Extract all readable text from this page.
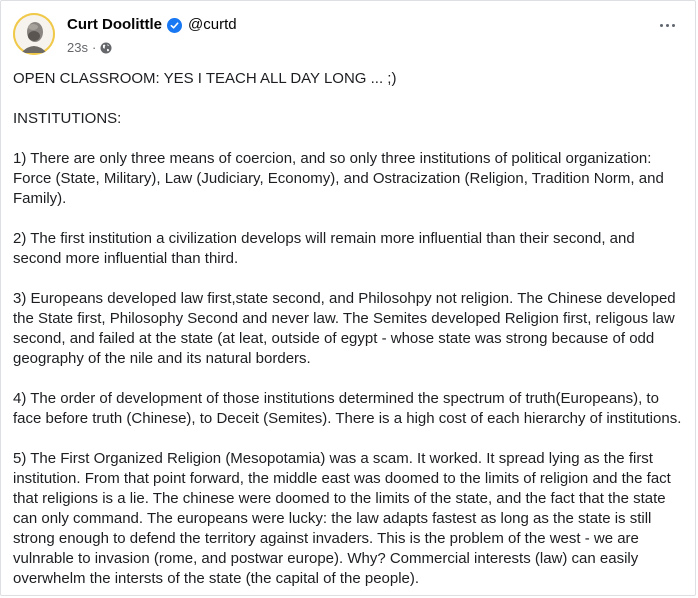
Curt Doolittle @curtd
23s ·

OPEN CLASSROOM: YES I TEACH ALL DAY LONG ... ;)

INSTITUTIONS:

1) There are only three means of coercion, and so only three institutions of political organization: Force (State, Military), Law (Judiciary, Economy), and Ostracization (Religion, Tradition Norm, and Family).

2) The first institution a civilization develops will remain more influential than their second, and second more influential than third.

3) Europeans developed law first,state second, and Philosohpy not religion. The Chinese developed the State first, Philosophy Second and never law. The Semites developed Religion first, religous law second, and failed at the state (at leat, outside of egypt - whose state was strong because of odd geography of the nile and its natural borders.

4) The order of development of those institutions determined the spectrum of truth(Europeans), to face before truth (Chinese), to Deceit (Semites). There is a high cost of each hierarchy of institutions.

5) The First Organized Religion (Mesopotamia) was a scam. It worked. It spread lying as the first institution. From that point forward, the middle east was doomed to the limits of religion and the fact that religions is a lie. The chinese were doomed to the limits of the state, and the fact that the state can only command. The europeans were lucky: the law adapts fastest as long as the state is still strong enough to defend the territory against invaders. This is the problem of the west - we are vulnrable to invasion (rome, and postwar europe). Why? Commercial interests (law) can easily overwhelm the intersts of the state (the capital of the people).
